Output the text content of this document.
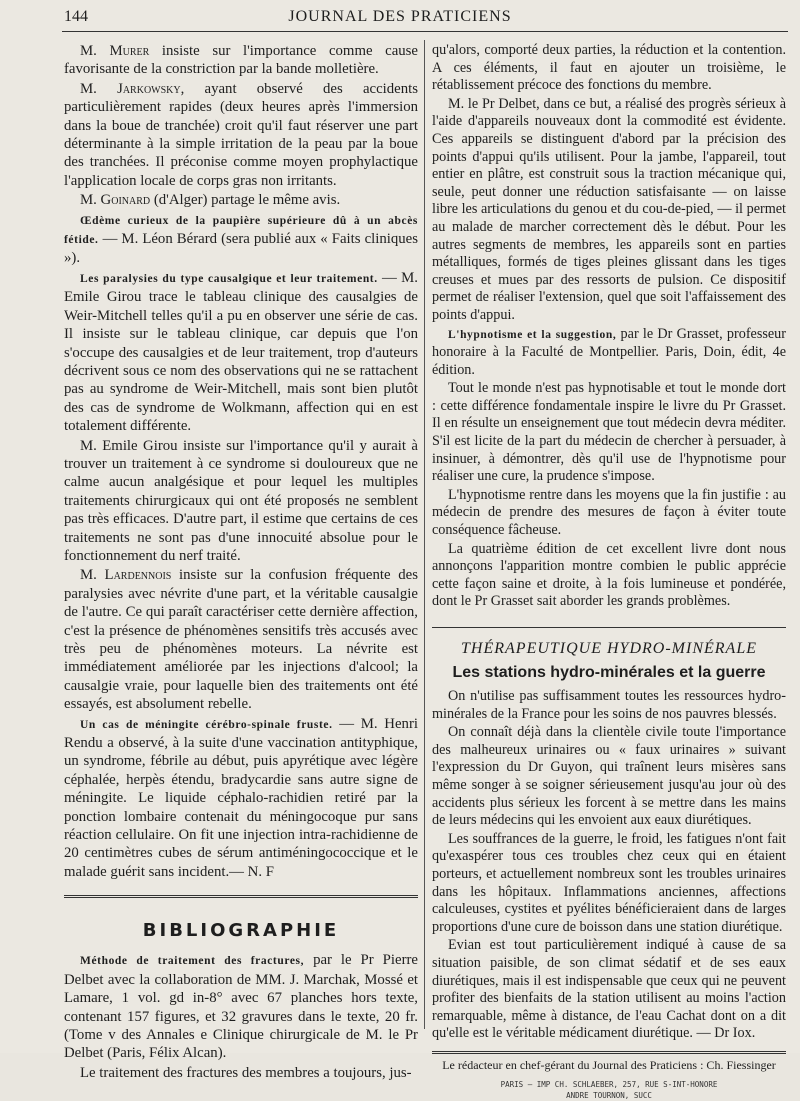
144	JOURNAL DES PRATICIENS

M. Murer insiste sur l'importance comme cause favorisante de la constriction par la bande molletière.

M. Jarkowsky, ayant observé des accidents particulièrement rapides (deux heures après l'immersion dans la boue de tranchée) croit qu'il faut réserver une part déterminante à la simple irritation de la peau par la boue des tranchées. Il préconise comme moyen prophylactique l'application locale de corps gras non irritants.

M. Goinard (d'Alger) partage le même avis.

Œdème curieux de la paupière supérieure dû à un abcès fétide. — M. Léon Bérard (sera publié aux « Faits cliniques »).

Les paralysies du type causalgique et leur traitement. — M. Emile Girou trace le tableau clinique des causalgies de Weir-Mitchell telles qu'il a pu en observer une série de cas. Il insiste sur le tableau clinique, car depuis que l'on s'occupe des causalgies et de leur traitement, trop d'auteurs décrivent sous ce nom des observations qui ne se rattachent pas au syndrome de Weir-Mitchell, mais sont bien plutôt des cas de syndrome de Wolkmann, affection qui en est totalement différente.

M. Emile Girou insiste sur l'importance qu'il y aurait à trouver un traitement à ce syndrome si douloureux que ne calme aucun analgésique et pour lequel les multiples traitements chirurgicaux qui ont été proposés ne semblent pas très efficaces. D'autre part, il estime que certains de ces traitements ne sont pas d'une innocuité absolue pour le fonctionnement du nerf traité.

M. Lardennois insiste sur la confusion fréquente des paralysies avec névrite d'une part, et la véritable causalgie de l'autre. Ce qui paraît caractériser cette dernière affection, c'est la présence de phénomènes sensitifs très accusés avec très peu de phénomènes moteurs. La névrite est immédiatement améliorée par les injections d'alcool; la causalgie vraie, pour laquelle bien des traitements ont été essayés, est absolument rebelle.

Un cas de méningite cérébro-spinale fruste. — M. Henri Rendu a observé, à la suite d'une vaccination antityphique, un syndrome, fébrile au début, puis apyrétique avec légère céphalée, herpès étendu, bradycardie sans autre signe de méningite. Le liquide céphalo-rachidien retiré par la ponction lombaire contenait du méningocoque pur sans réaction cellulaire. On fit une injection intra-rachidienne de 20 centimètres cubes de sérum antiméningococcique et le malade guérit sans incident.— N. F

BIBLIOGRAPHIE

Méthode de traitement des fractures, par le Pr Pierre Delbet avec la collaboration de MM. J. Marchak, Mossé et Lamare, 1 vol. gd in-8° avec 67 planches hors texte, contenant 157 figures, et 32 gravures dans le texte, 20 fr. (Tome v des Annales e Clinique chirurgicale de M. le Pr Delbet (Paris, Félix Alcan).

Le traitement des fractures des membres a toujours, jus-

qu'alors, comporté deux parties, la réduction et la contention. A ces éléments, il faut en ajouter un troisième, le rétablissement précoce des fonctions du membre.

M. le Pr Delbet, dans ce but, a réalisé des progrès sérieux à l'aide d'appareils nouveaux dont la commodité est évidente. Ces appareils se distinguent d'abord par la précision des points d'appui qu'ils utilisent. Pour la jambe, l'appareil, tout entier en plâtre, est construit sous la traction mécanique qui, seule, peut donner une réduction satisfaisante — on laisse libre les articulations du genou et du cou-de-pied, — il permet au malade de marcher correctement dès le début. Pour les autres segments de membres, les appareils sont en parties métalliques, formés de tiges pleines glissant dans les tiges creuses et mues par des ressorts de pulsion. Ce dispositif permet de réaliser l'extension, quel que soit l'affaissement des points d'appui.

L'hypnotisme et la suggestion, par le Dr Grasset, professeur honoraire à la Faculté de Montpellier. Paris, Doin, édit, 4e édition.

Tout le monde n'est pas hypnotisable et tout le monde dort : cette différence fondamentale inspire le livre du Pr Grasset. Il en résulte un enseignement que tout médecin devra méditer. S'il est licite de la part du médecin de chercher à persuader, à insinuer, à démontrer, dès qu'il use de l'hypnotisme pour réaliser une cure, la prudence s'impose.

L'hypnotisme rentre dans les moyens que la fin justifie : au médecin de prendre des mesures de façon à éviter toute conséquence fâcheuse.

La quatrième édition de cet excellent livre dont nous annonçons l'apparition montre combien le public apprécie cette façon saine et droite, à la fois lumineuse et pondérée, dont le Pr Grasset sait aborder les grands problèmes.

THÉRAPEUTIQUE HYDRO-MINÉRALE
Les stations hydro-minérales et la guerre

On n'utilise pas suffisamment toutes les ressources hydro-minérales de la France pour les soins de nos pauvres blessés.

On connaît déjà dans la clientèle civile toute l'importance des malheureux urinaires ou « faux urinaires » suivant l'expression du Dr Guyon, qui traînent leurs misères sans même songer à se soigner sérieusement jusqu'au jour où des accidents plus sérieux les forcent à se mettre dans les mains de leurs médecins qui les envoient aux eaux diurétiques.

Les souffrances de la guerre, le froid, les fatigues n'ont fait qu'exaspérer tous ces troubles chez ceux qui en étaient porteurs, et actuellement nombreux sont les troubles urinaires dans les hôpitaux. Inflammations anciennes, affections calculeuses, cystites et pyélites bénéficieraient dans de larges proportions d'une cure de boisson dans une station diurétique.

Evian est tout particulièrement indiqué à cause de sa situation paisible, de son climat sédatif et de ses eaux diurétiques, mais il est indispensable que ceux qui ne peuvent profiter des bienfaits de la station utilisent au moins l'action remarquable, même à distance, de l'eau Cachat dont on a dit qu'elle est le véritable médicament diurétique. — Dr Iox.

Le rédacteur en chef-gérant du Journal des Praticiens : Ch. Fiessinger
PARIS — IMP CH. SCHLAEBER, 257, RUE S-INT-HONORE
ANDRE TOURNON, SUCC
